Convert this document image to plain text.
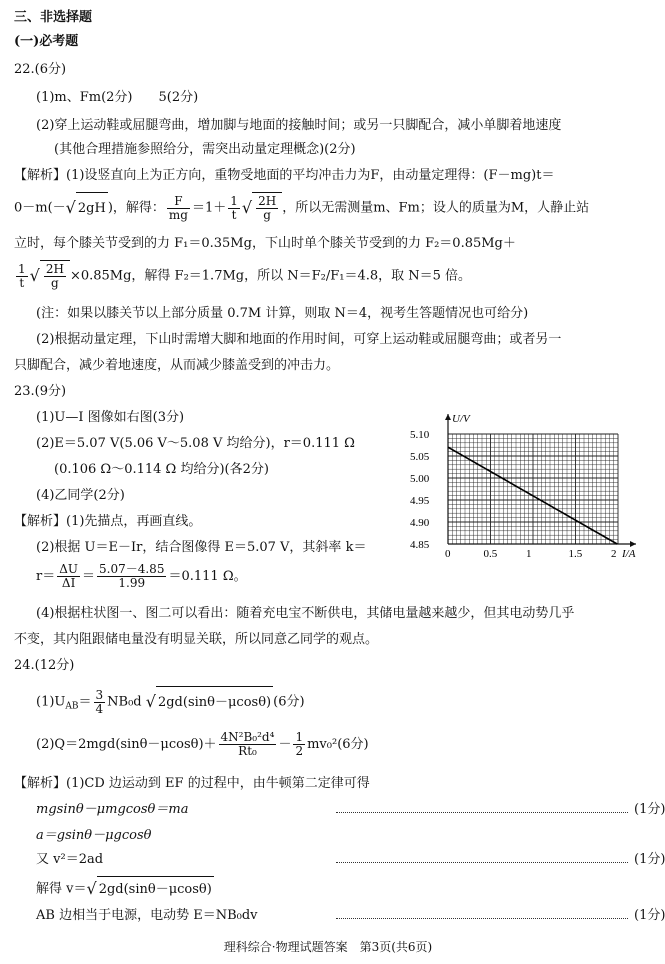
三、非选择题
(一)必考题
22.(6分)
(1)m、Fm(2分)　　5(2分)
(2)穿上运动鞋或屈腿弯曲，增加脚与地面的接触时间；或另一只脚配合，减小单脚着地速度
(其他合理措施参照给分，需突出动量定理概念)(2分)
【解析】(1)设竖直向上为正方向，重物受地面的平均冲击力为F，由动量定理得：(F－mg)t＝
0－m(－√ 2gH )，解得： $\frac{F}{mg} =1+ \frac{1}{t}$ √ $\frac{2H}{g}$ ，所以无需测量m、Fm；设人的质量为M，人静止站
立时，每个膝关节受到的力 F₁＝0.35Mg，下山时单个膝关节受到的力 F₂＝0.85Mg＋
$\frac{1}{t}$ √ $\frac{2H}{g} \times 0.85Mg$，解得 F₂＝1.7Mg，所以 N＝F₂/F₁＝4.8，取 N＝5 倍。
(注：如果以膝关节以上部分质量 0.7M 计算，则取 N＝4，视考生答题情况也可给分)
(2)根据动量定理，下山时需增大脚和地面的作用时间，可穿上运动鞋或屈腿弯曲；或者另一
只脚配合，减少着地速度，从而减少膝盖受到的冲击力。
23.(9分)
(1)U—I 图像如右图(3分)
(2)E＝5.07 V(5.06 V～5.08 V 均给分)，r＝0.111 Ω
(0.106 Ω～0.114 Ω 均给分)(各2分)
(4)乙同学(2分)
【解析】(1)先描点，再画直线。
(2)根据 U＝E－Ir，结合图像得 E＝5.07 V，其斜率 k＝
$r= \frac{\Delta U}{\Delta I} = \frac{5.07-4.85}{1.99} =0.111$ Ω。
(4)根据柱状图一、图二可以看出：随着充电宝不断供电，其储电量越来越少，但其电动势几乎
不变，其内阻跟储电量没有明显关联，所以同意乙同学的观点。
0	0.5	1	1.5	2
4.85
4.90
4.95
5.00
5.05
5.10
I/A
U/V
24.(12分)
$(1)U_{AB}= \frac{3}{4} NB_0d$ √ 2gd(sinθ－μcosθ) (6分)
$(2)Q=2mgd(\sin\theta-\mu\cos\theta)+ \frac{\text{4N²B₀²d⁴}}{\text{Rt₀}} - \frac{1}{2} mv_0^2(6$分)
【解析】(1)CD 边运动到 EF 的过程中，由牛顿第二定律可得
mgsinθ－μmgcosθ＝ma	(1分)
a＝gsinθ－μgcosθ
又 v²＝2ad	(1分)
解得 v＝√ 2gd(sinθ－μcosθ)
AB 边相当于电源，电动势 E＝NB₀dv	(1分)
理科综合·物理试题答案　第3页(共6页)
